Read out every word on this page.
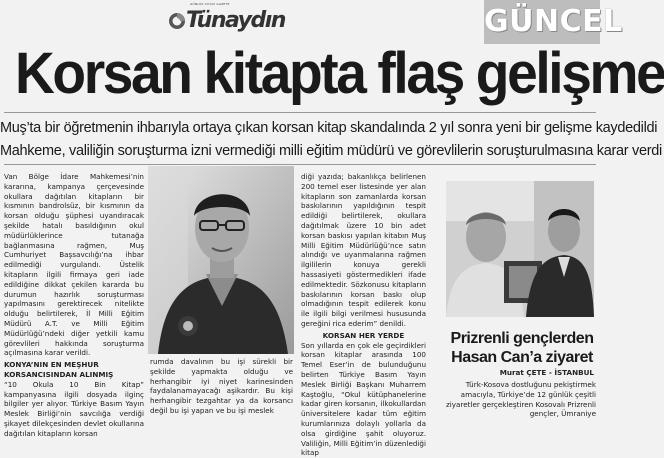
GÜNLÜK SİYASİ GAZETE
Tünaydın	GÜNCEL
Korsan kitapta flaş gelişme
Muş’ta bir öğretmenin ihbarıyla ortaya çıkan korsan kitap skandalında 2 yıl sonra yeni bir gelişme kaydedildi
Mahkeme, valiliğin soruşturma izni vermediği milli eğitim müdürü ve görevlilerin soruşturulmasına karar verdi

Van Bölge İdare Mahkemesi’nin kararına, kampanya çerçevesinde okullara dağıtılan kitapların bir kısmının bandrolsüz, bir kısmının da korsan olduğu şüphesi uyandıracak şekilde hatalı basıldığının okul müdürlüklerince tutanağa bağlanmasına rağmen, Muş Cumhuriyet Başsavcılığı’na ihbar edilmediği vurgulandı. Üstelik kitapların ilgili firmaya geri iade edildiğine dikkat çekilen kararda bu durumun hazırlık soruşturması yapılmasını gerektirecek nitelikte olduğu belirtilerek, İl Milli Eğitim Müdürü A.T. ve Milli Eğitim Müdürlüğü’ndeki diğer yetkili kamu görevlileri hakkında soruşturma açılmasına karar verildi.

KONYA’NIN EN MEŞHUR KORSANCISINDAN ALINMIŞ

“10 Okula 10 Bin Kitap” kampanyasına ilgili dosyada ilginç bilgiler yer alıyor. Türkiye Basım Yayın Meslek Birliği’nin savcılığa verdiği şikayet dilekçesinden devlet okullarına dağıtılan kitapların korsan

rumda davalının bu işi sürekli bir şekilde yapmakta olduğu ve herhangibir iyi niyet karinesinden faydalanamayacağı aşikardır. Bu kişi herhangibir tezgahtar ya da korsancı değil bu işi yapan ve bu işi meslek

diği yazıda; bakanlıkça belirlenen 200 temel eser listesinde yer alan kitapların son zamanlarda korsan baskılarının yapıldığının tespit edildiği belirtilerek, okullara dağıtılmak üzere 10 bin adet korsan baskısı yapılan kitabın Muş Milli Eğitim Müdürlüğü’nce satın alındığı ve uyanmalarına rağmen ilgililerin konuya gerekli hassasiyeti göstermedikleri ifade edilmektedir. Sözkonusu kitapların baskılarının korsan baskı olup olmadığının tespit edilerek konu ile ilgili bilgi verilmesi hususunda gereğini rica ederim” denildi.

KORSAN HER YERDE

Son yıllarda en çok ele geçirdikleri korsan kitaplar arasında 100 Temel Eser’in de bulunduğunu belirten Türkiye Basım Yayın Meslek Birliği Başkanı Muharrem Kaştoğlu, “Okul kütüphanelerine kadar giren korsanın, ilkokullardan üniversitelere kadar tüm eğitim kurumlarınıza dolaylı yollarla da olsa girdiğine şahit oluyoruz. Valiliğin, Milli Eğitim’in düzenlediği kitap

Prizrenli gençlerden
Hasan Can’a ziyaret
Murat ÇETE - İSTANBUL
Türk-Kosova dostluğunu pekiştirmek amacıyla, Türkiye’de 12 günlük çeşitli ziyaretler gerçekleştiren Kosovalı Prizrenli gençler, Ümraniye
